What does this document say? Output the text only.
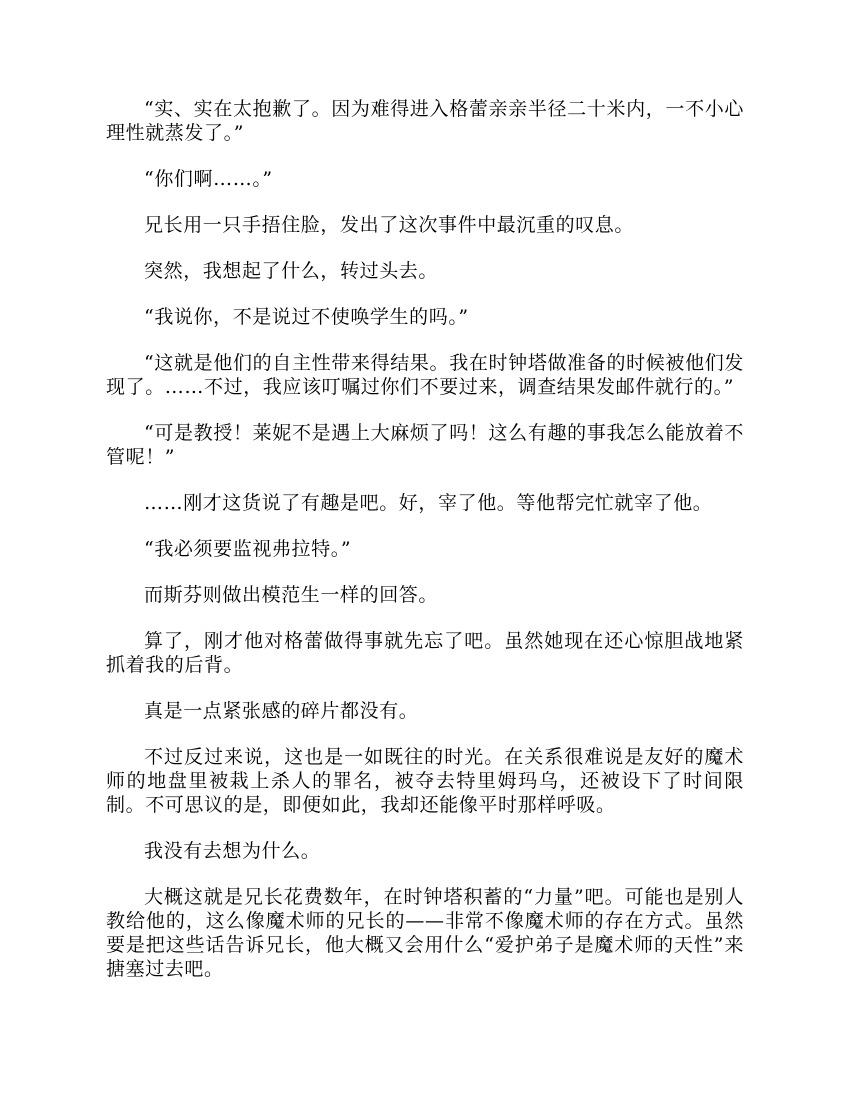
“实、实在太抱歉了。因为难得进入格蕾亲亲半径二十米内，一不小心理性就蒸发了。”

“你们啊……。”

兄长用一只手捂住脸，发出了这次事件中最沉重的叹息。

突然，我想起了什么，转过头去。

“我说你，不是说过不使唤学生的吗。”

“这就是他们的自主性带来得结果。我在时钟塔做准备的时候被他们发现了。……不过，我应该叮嘱过你们不要过来，调查结果发邮件就行的。”

“可是教授！莱妮不是遇上大麻烦了吗！这么有趣的事我怎么能放着不管呢！”

……刚才这货说了有趣是吧。好，宰了他。等他帮完忙就宰了他。

“我必须要监视弗拉特。”

而斯芬则做出模范生一样的回答。

算了，刚才他对格蕾做得事就先忘了吧。虽然她现在还心惊胆战地紧抓着我的后背。

真是一点紧张感的碎片都没有。

不过反过来说，这也是一如既往的时光。在关系很难说是友好的魔术师的地盘里被栽上杀人的罪名，被夺去特里姆玛乌，还被设下了时间限制。不可思议的是，即便如此，我却还能像平时那样呼吸。

我没有去想为什么。

大概这就是兄长花费数年，在时钟塔积蓄的“力量”吧。可能也是别人教给他的，这么像魔术师的兄长的——非常不像魔术师的存在方式。虽然要是把这些话告诉兄长，他大概又会用什么“爱护弟子是魔术师的天性”来搪塞过去吧。
